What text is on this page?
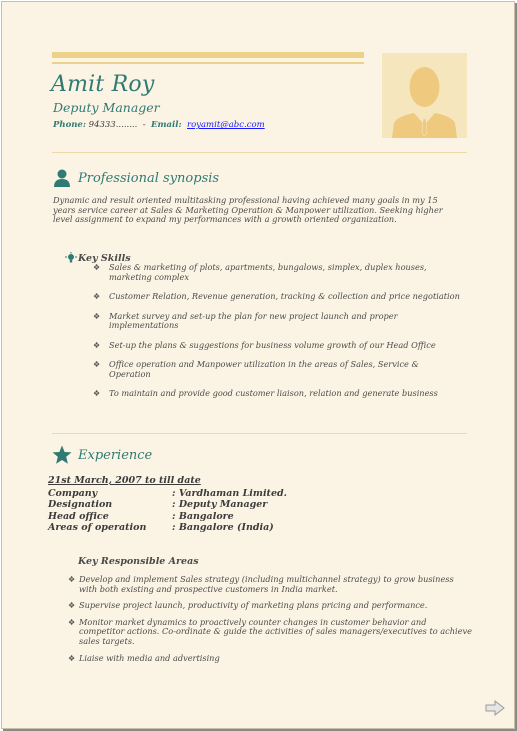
Amit Roy
Deputy Manager
Phone: 94333........ - Email: royamit@abc.com
Professional synopsis
Dynamic and result oriented multitasking professional having achieved many goals in my 15 years service career at Sales & Marketing Operation & Manpower utilization. Seeking higher level assignment to expand my performances with a growth oriented organization.
Key Skills
❖ Sales & marketing of plots, apartments, bungalows, simplex, duplex houses, marketing complex
❖ Customer Relation, Revenue generation, tracking & collection and price negotiation
❖ Market survey and set-up the plan for new project launch and proper implementations
❖ Set-up the plans & suggestions for business volume growth of our Head Office
❖ Office operation and Manpower utilization in the areas of Sales, Service & Operation
❖ To maintain and provide good customer liaison, relation and generate business
Experience
21st March, 2007 to till date
Company	: Vardhaman Limited.
Designation	: Deputy Manager
Head office	: Bangalore
Areas of operation	: Bangalore (India)
Key Responsible Areas
❖ Develop and implement Sales strategy (including multichannel strategy) to grow business with both existing and prospective customers in India market.
❖ Supervise project launch, productivity of marketing plans pricing and performance.
❖ Monitor market dynamics to proactively counter changes in customer behavior and competitor actions. Co-ordinate & guide the activities of sales managers/executives to achieve sales targets.
❖ Liaise with media and advertising
